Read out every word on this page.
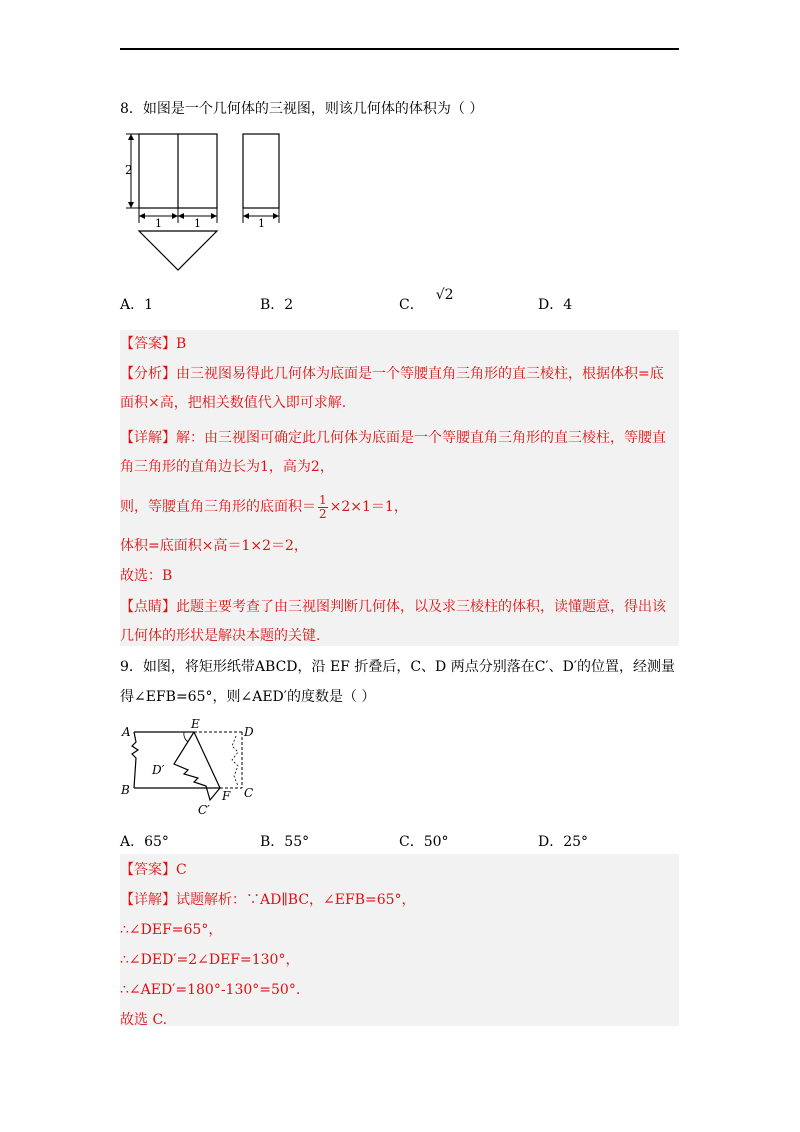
8．如图是一个几何体的三视图，则该几何体的体积为（ ）
2
1	1	1
A．1	B．2	C．√2
D．4
【答案】B
【分析】由三视图易得此几何体为底面是一个等腰直角三角形的直三棱柱，根据体积=底
面积×高，把相关数值代入即可求解.
【详解】解：由三视图可确定此几何体为底面是一个等腰直角三角形的直三棱柱，等腰直
角三角形的直角边长为1，高为2，
则，等腰直角三角形的底面积＝ $\frac{1}{2} \times 2\times 1=1$，
体积=底面积×高＝1×2＝2，
故选：B
【点睛】此题主要考查了由三视图判断几何体，以及求三棱柱的体积，读懂题意，得出该
几何体的形状是解决本题的关键.
9．如图，将矩形纸带ABCD，沿 EF 折叠后，C、D 两点分别落在C′、D′的位置，经测量
得∠EFB=65°，则∠AED′的度数是（ ）
A
B	C
D
E
F
C′
D′
A．65°	B．55°	C．50°	D．25°
【答案】C
【详解】试题解析：∵AD∥BC，∠EFB=65°，
∴∠DEF=65°，
∴∠DED′=2∠DEF=130°，
∴∠AED′=180°-130°=50°.
故选 C.
